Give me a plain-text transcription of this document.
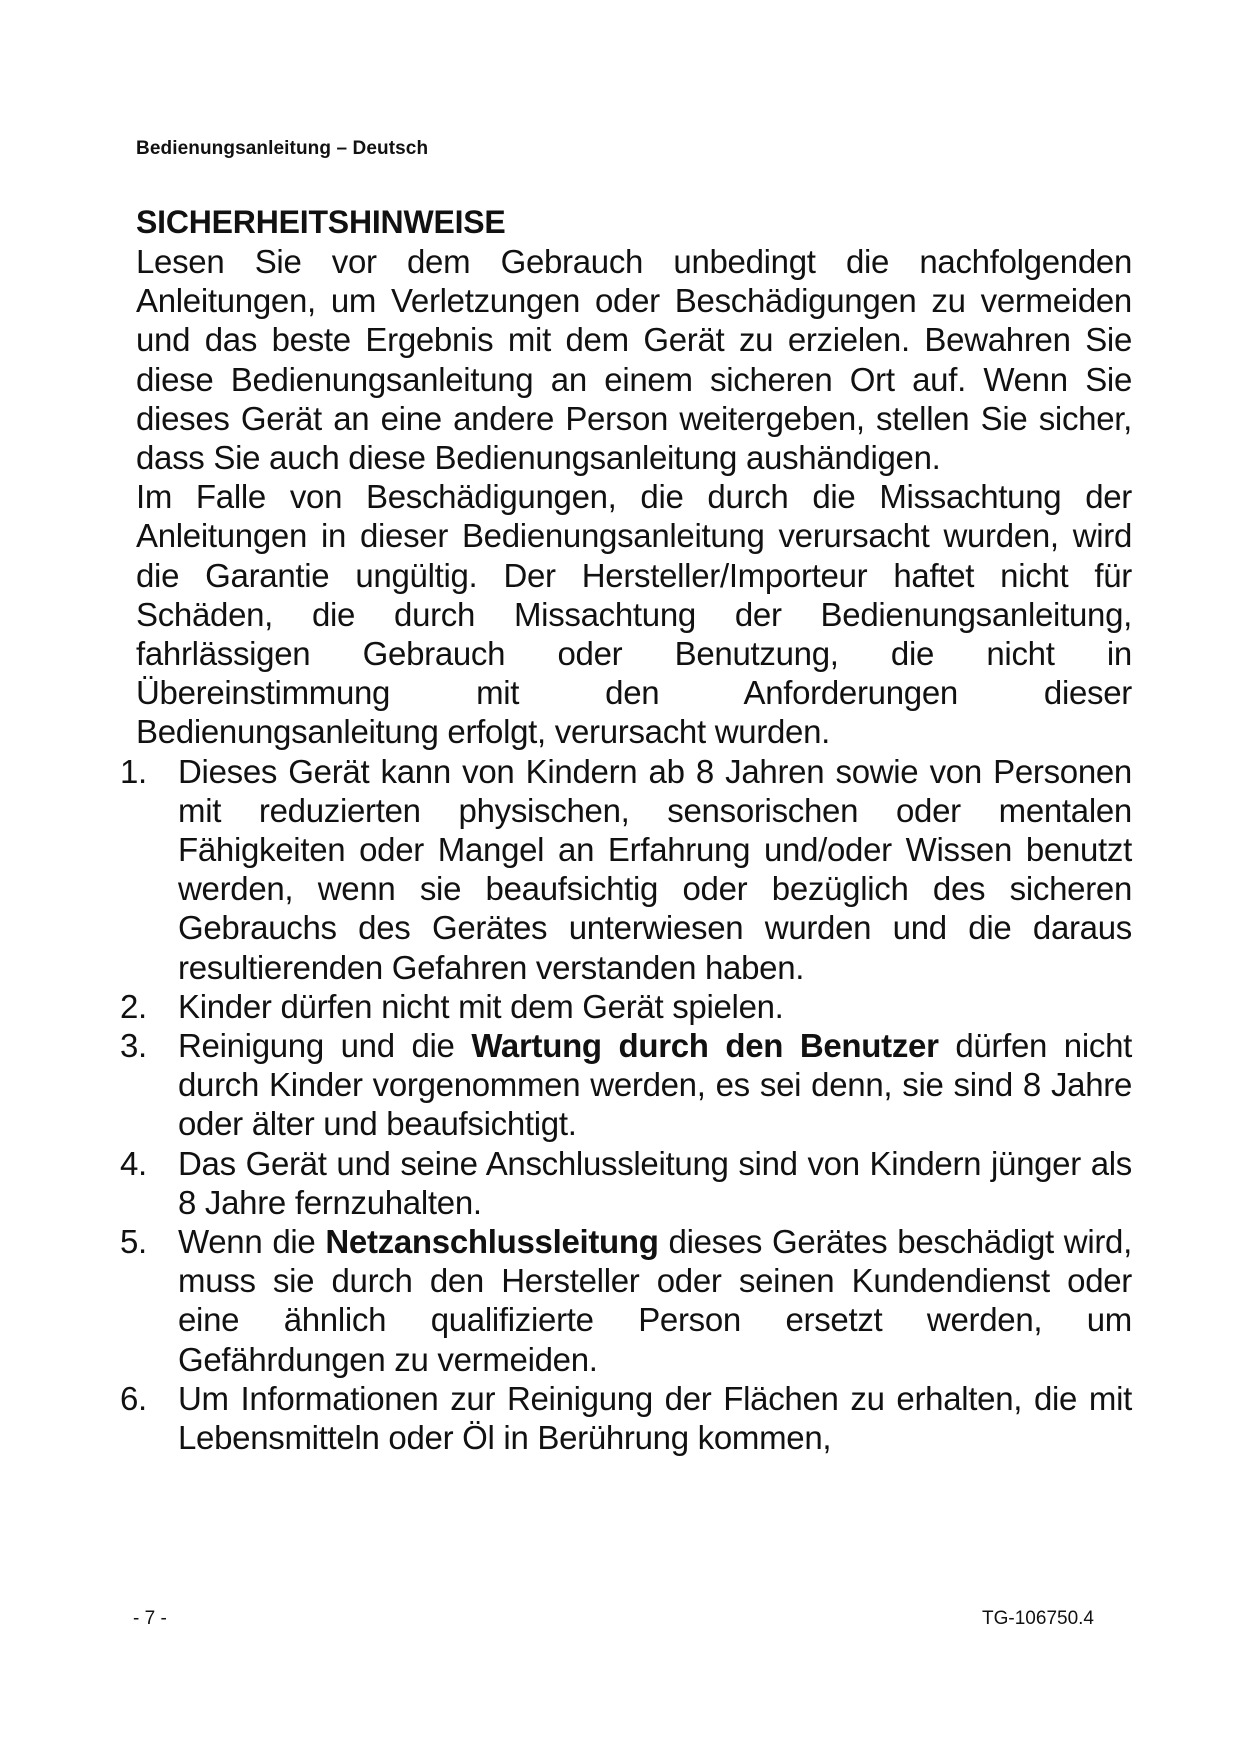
Bedienungsanleitung – Deutsch
SICHERHEITSHINWEISE

Lesen Sie vor dem Gebrauch unbedingt die nachfolgenden Anleitungen, um Verletzungen oder Beschädigungen zu vermeiden und das beste Ergebnis mit dem Gerät zu erzielen. Bewahren Sie diese Bedienungsanleitung an einem sicheren Ort auf. Wenn Sie dieses Gerät an eine andere Person weitergeben, stellen Sie sicher, dass Sie auch diese Bedienungsanleitung aushändigen.

Im Falle von Beschädigungen, die durch die Missachtung der Anleitungen in dieser Bedienungsanleitung verursacht wurden, wird die Garantie ungültig. Der Hersteller/Importeur haftet nicht für Schäden, die durch Missachtung der Bedienungsanleitung, fahrlässigen Gebrauch oder Benutzung, die nicht in Übereinstimmung mit den Anforderungen dieser Bedienungsanleitung erfolgt, verursacht wurden.

1. Dieses Gerät kann von Kindern ab 8 Jahren sowie von Personen mit reduzierten physischen, sensorischen oder mentalen Fähigkeiten oder Mangel an Erfahrung und/oder Wissen benutzt werden, wenn sie beaufsichtig oder bezüglich des sicheren Gebrauchs des Gerätes unterwiesen wurden und die daraus resultierenden Gefahren verstanden haben.
2. Kinder dürfen nicht mit dem Gerät spielen.
3. Reinigung und die Wartung durch den Benutzer dürfen nicht durch Kinder vorgenommen werden, es sei denn, sie sind 8 Jahre oder älter und beaufsichtigt.
4. Das Gerät und seine Anschlussleitung sind von Kindern jünger als 8 Jahre fernzuhalten.
5. Wenn die Netzanschlussleitung dieses Gerätes beschädigt wird, muss sie durch den Hersteller oder seinen Kundendienst oder eine ähnlich qualifizierte Person ersetzt werden, um Gefährdungen zu vermeiden.
6. Um Informationen zur Reinigung der Flächen zu erhalten, die mit Lebensmitteln oder Öl in Berührung kommen,
- 7 -	TG-106750.4
